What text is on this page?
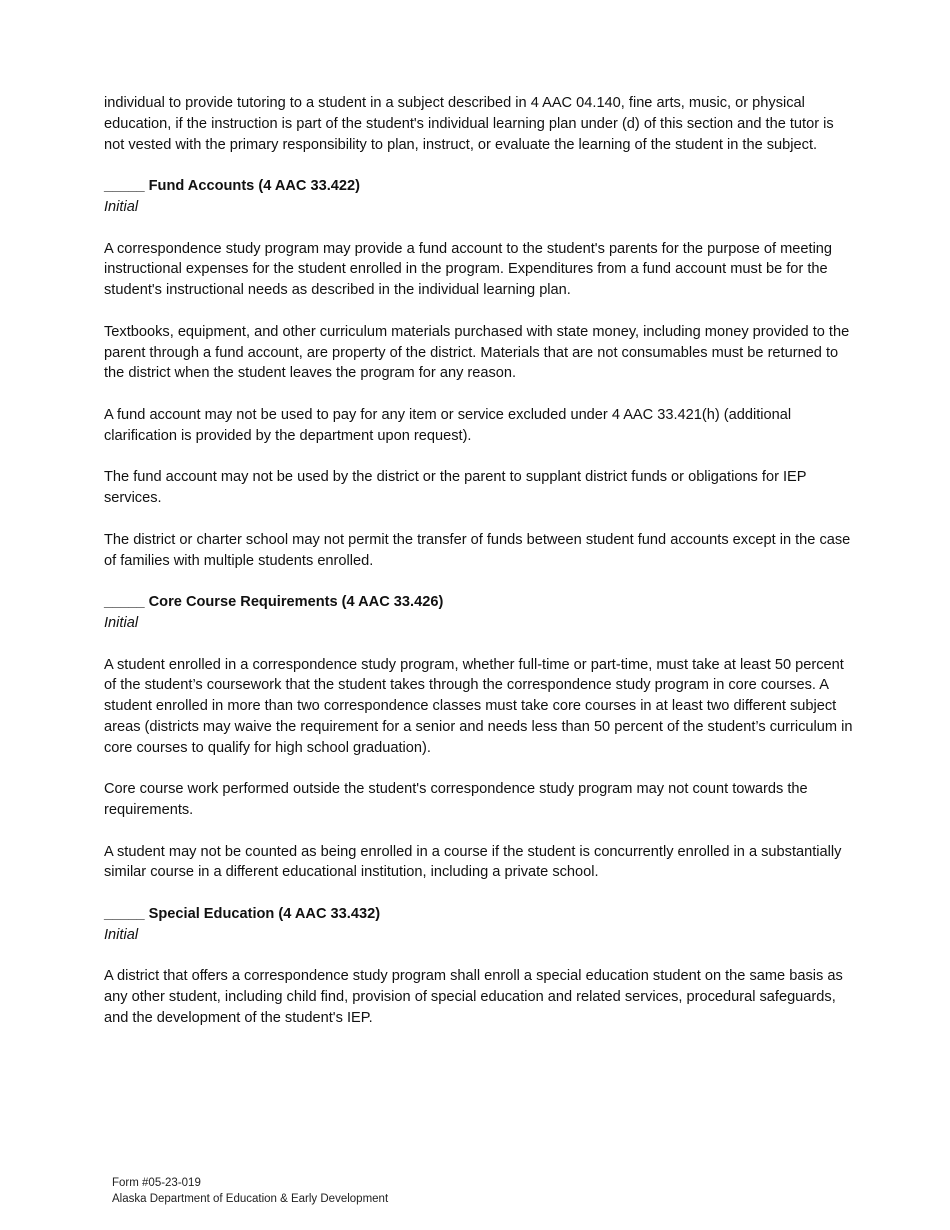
individual to provide tutoring to a student in a subject described in 4 AAC 04.140, fine arts, music, or physical education, if the instruction is part of the student's individual learning plan under (d) of this section and the tutor is not vested with the primary responsibility to plan, instruct, or evaluate the learning of the student in the subject.

_____ Fund Accounts (4 AAC 33.422)

Initial

A correspondence study program may provide a fund account to the student's parents for the purpose of meeting instructional expenses for the student enrolled in the program. Expenditures from a fund account must be for the student's instructional needs as described in the individual learning plan.

Textbooks, equipment, and other curriculum materials purchased with state money, including money provided to the parent through a fund account, are property of the district. Materials that are not consumables must be returned to the district when the student leaves the program for any reason.

A fund account may not be used to pay for any item or service excluded under 4 AAC 33.421(h) (additional clarification is provided by the department upon request).

The fund account may not be used by the district or the parent to supplant district funds or obligations for IEP services.

The district or charter school may not permit the transfer of funds between student fund accounts except in the case of families with multiple students enrolled.

_____ Core Course Requirements (4 AAC 33.426)

Initial

A student enrolled in a correspondence study program, whether full-time or part-time, must take at least 50 percent of the student’s coursework that the student takes through the correspondence study program in core courses. A student enrolled in more than two correspondence classes must take core courses in at least two different subject areas (districts may waive the requirement for a senior and needs less than 50 percent of the student’s curriculum in core courses to qualify for high school graduation).

Core course work performed outside the student's correspondence study program may not count towards the requirements.

A student may not be counted as being enrolled in a course if the student is concurrently enrolled in a substantially similar course in a different educational institution, including a private school.

_____ Special Education (4 AAC 33.432)

Initial

A district that offers a correspondence study program shall enroll a special education student on the same basis as any other student, including child find, provision of special education and related services, procedural safeguards, and the development of the student's IEP.

Form #05-23-019
Alaska Department of Education & Early Development
